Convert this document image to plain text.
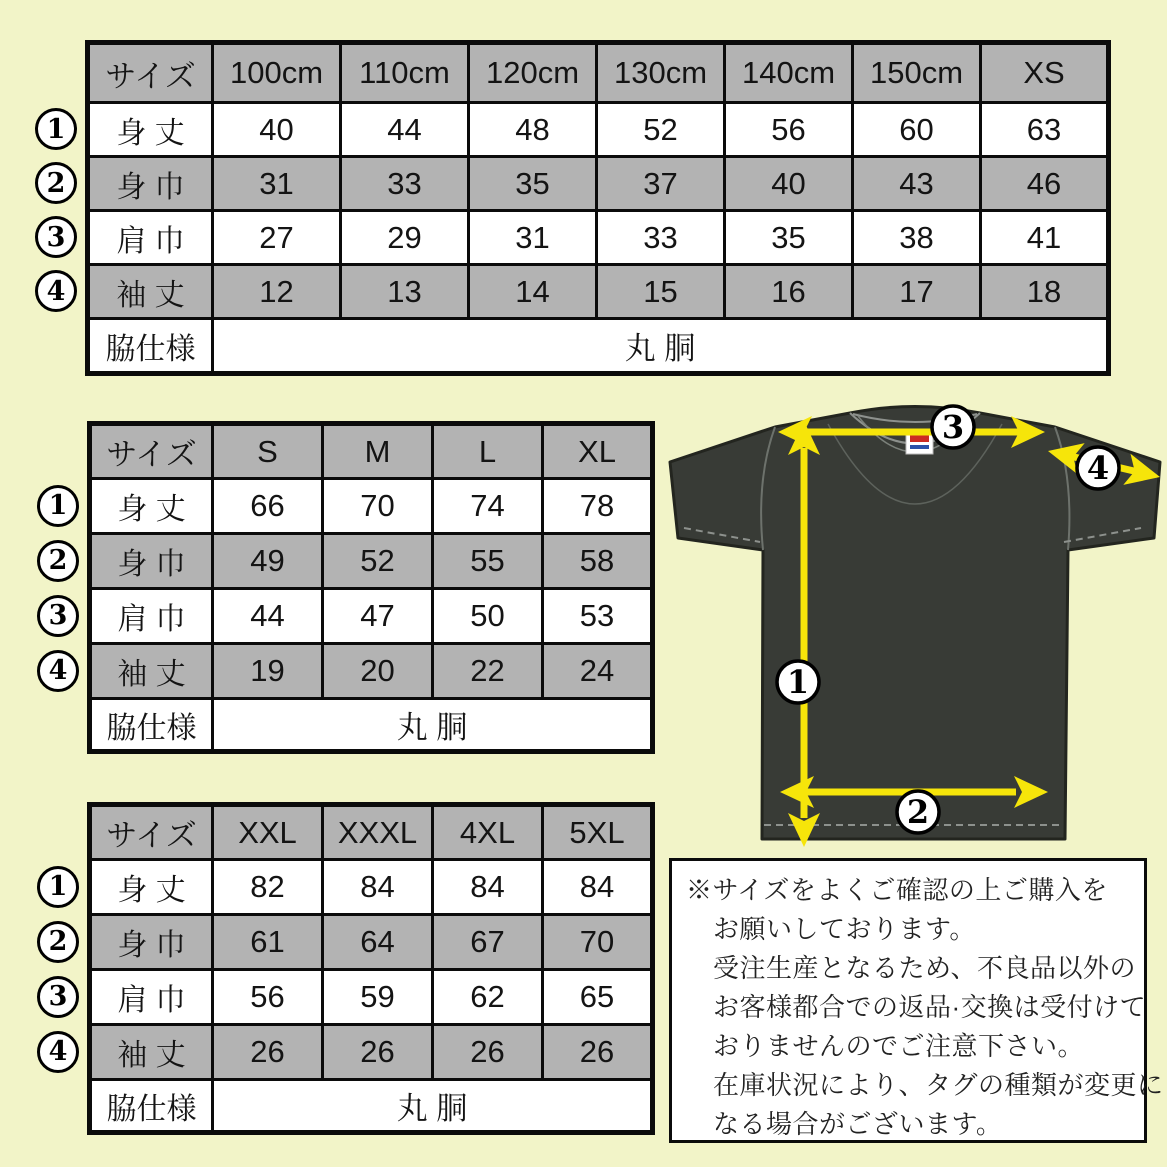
サイズ	100cm	110cm	120cm	130cm	140cm	150cm	XS
身 丈	40	44	48	52	56	60	63
身 巾	31	33	35	37	40	43	46
肩 巾	27	29	31	33	35	38	41
袖 丈	12	13	14	15	16	17	18
脇仕様	丸 胴						
1
2
3
4
サイズ	S	M	L	XL
身 丈	66	70	74	78
身 巾	49	52	55	58
肩 巾	44	47	50	53
袖 丈	19	20	22	24
脇仕様	丸 胴			
1
2
3
4
サイズ	XXL	XXXL	4XL	5XL
身 丈	82	84	84	84
身 巾	61	64	67	70
肩 巾	56	59	62	65
袖 丈	26	26	26	26
脇仕様	丸 胴			
1
2
3
4
3
4
1
2
※サイズをよくご確認の上ご購入を
お願いしております。
受注生産となるため、不良品以外の
お客様都合での返品·交換は受付けて
おりませんのでご注意下さい。
在庫状況により、タグの種類が変更に
なる場合がございます。
